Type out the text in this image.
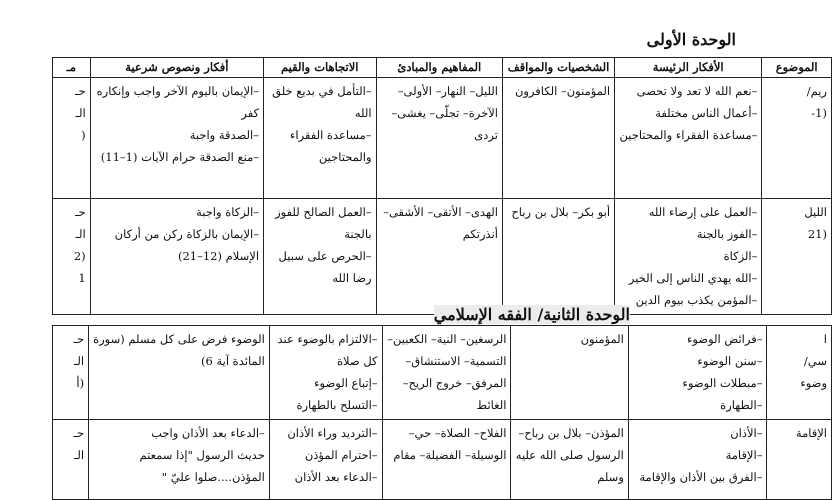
الوحدة الأولى
الموضوع	الأفكار الرئيسة	الشخصيات والمواقف	المفاهيم والمبادئ	الاتجاهات والقيم	أفكار ونصوص شرعية	مـ

ريم/
(1-	–نعم الله لا تعد ولا تحصى
–أعمال الناس مختلفة
–مساعدة الفقراء والمحتاجين	المؤمنون– الكافرون	الليل– النهار– الأولى–
الآخرة– تجلّى– يغشى–
تردى	–التأمل في بديع خلق
الله
–مساعدة الفقراء
والمحتاجين	–الإيمان باليوم الآخر واجب وإنكاره
كفر
–الصدقة واجبة
–منع الصدقة حرام الآيات (1–11)	حـ
الـ
(

الليل
(21	–العمل على إرضاء الله
–الفوز بالجنة
–الزكاة
–الله يهدي الناس إلى الخير
–المؤمن يكذب بيوم الدين	أبو بكر– بلال بن رباح	الهدى– الأتقى– الأشقى–
أنذرتكم	–العمل الصالح للفوز
بالجنة
–الحرص على سبيل
رضا الله	–الزكاة واجبة
–الإيمان بالزكاة ركن من أركان
الإسلام (12–21)	حـ
الـ
(2
1
الوحدة الثانية/ الفقه الإسلامي
ا
سي/
وضوء	–فرائض الوضوء
–سنن الوضوء
–مبطلات الوضوء
–الطهارة	المؤمنون	الرسغين– النية– الكعبين–
التسمية– الاستنشاق–
المرفق– خروج الريح–
الغائط	–الالتزام بالوضوء عند
كل صلاة
–إتباع الوضوء
–التسلح بالطهارة	الوضوء فرض على كل مسلم (سورة
المائدة آية 6)	حـ
الـ
(أ

الإقامة	–الأذان
–الإقامة
–الفرق بين الأذان والإقامة	المؤذن– بلال بن رباح–
الرسول صلى الله عليه
وسلم	الفلاح– الصلاة– حي–
الوسيلة– الفضيلة– مقام	–الترديد وراء الأذان
–احترام المؤذن
–الدعاء بعد الأذان	–الدعاء بعد الأذان واجب
حديث الرسول "إذا سمعتم
المؤذن....صلوا عليّ "	حـ
الـ
